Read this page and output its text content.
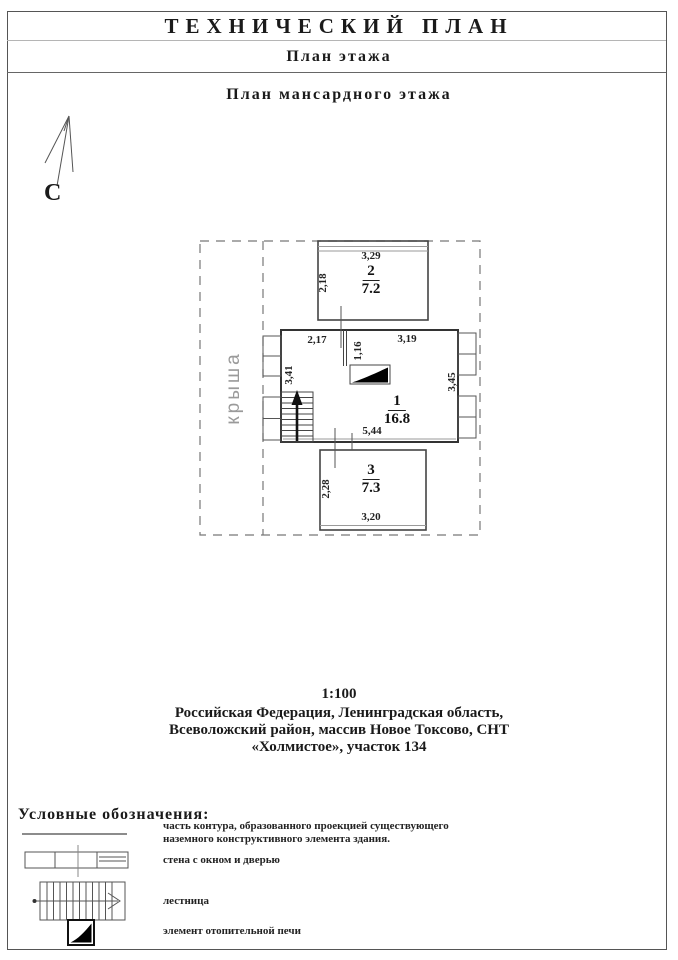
ТЕХНИЧЕСКИЙ ПЛАН
План этажа
План мансардного этажа
С
крыша
3,29
2,18
2,17
1,16
3,19
3,41	3,45
5,44
2,28
3,20
$\frac{2}{7.2}$
$\frac{1}{16.8}$
$\frac{3}{7.3}$
1:100
Российская Федерация, Ленинградская область,
Всеволожский район, массив Новое Токсово, СНТ
«Холмистое», участок 134
Условные обозначения:
часть контура, образованного проекцией существующего
наземного конструктивного элемента здания.
стена с окном и дверью
лестница
элемент отопительной печи
